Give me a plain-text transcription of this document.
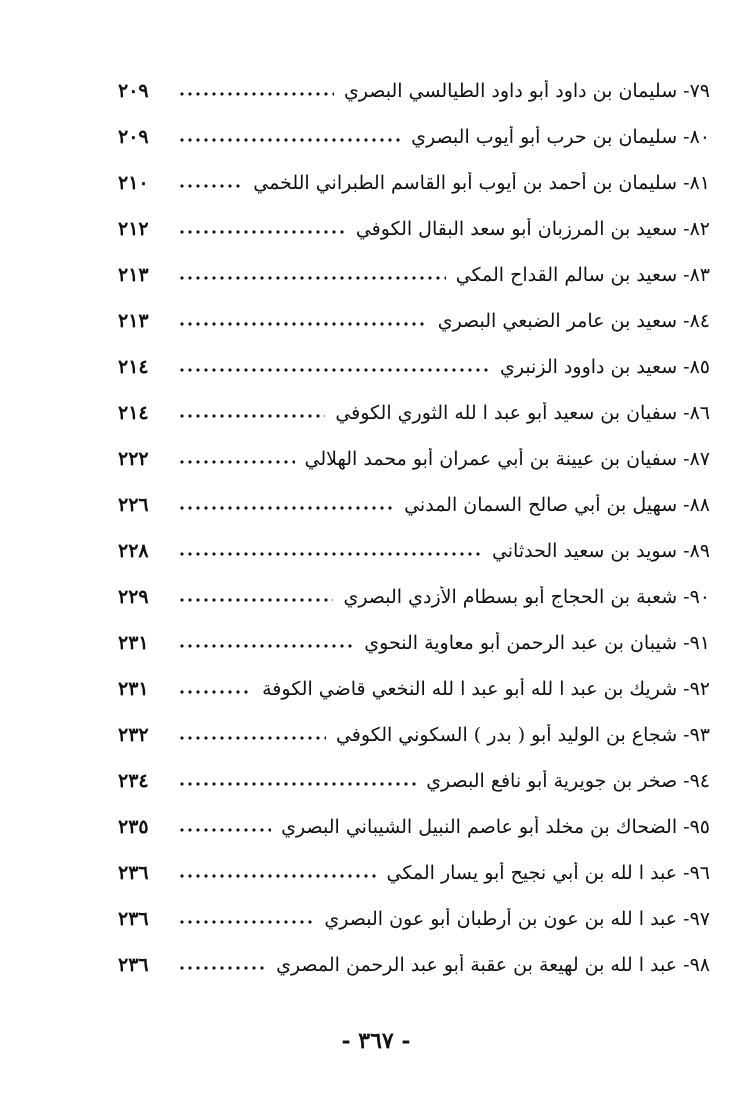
٧٩- سليمان بن داود أبو داود الطيالسي البصري
٢٠٩
٨٠- سليمان بن حرب أبو أيوب البصري
٢٠٩
٨١- سليمان بن أحمد بن أيوب أبو القاسم الطبراني اللخمي
٢١٠
٨٢- سعيد بن المرزبان أبو سعد البقال الكوفي
٢١٢
٨٣- سعيد بن سالم القداح المكي
٢١٣
٨٤- سعيد بن عامر الضبعي البصري
٢١٣
٨٥- سعيد بن داوود الزنبري
٢١٤
٨٦- سفيان بن سعيد أبو عبد ا لله الثوري الكوفي
٢١٤
٨٧- سفيان بن عيينة بن أبي عمران أبو محمد الهلالي
٢٢٢
٨٨- سهيل بن أبي صالح السمان المدني
٢٢٦
٨٩- سويد بن سعيد الحدثاني
٢٢٨
٩٠- شعبة بن الحجاج أبو بسطام الأزدي البصري
٢٢٩
٩١- شيبان بن عبد الرحمن أبو معاوية النحوي
٢٣١
٩٢- شريك بن عبد ا لله أبو عبد ا لله النخعي قاضي الكوفة
٢٣١
٩٣- شجاع بن الوليد أبو ( بدر ) السكوني الكوفي
٢٣٢
٩٤- صخر بن جويرية أبو نافع البصري
٢٣٤
٩٥- الضحاك بن مخلد أبو عاصم النبيل الشيباني البصري
٢٣٥
٩٦- عبد ا لله بن أبي نجيح أبو يسار المكي
٢٣٦
٩٧- عبد ا لله بن عون بن أرطبان أبو عون البصري
٢٣٦
٩٨- عبد ا لله بن لهيعة بن عقبة أبو عبد الرحمن المصري
٢٣٦
- ٣٦٧ -
